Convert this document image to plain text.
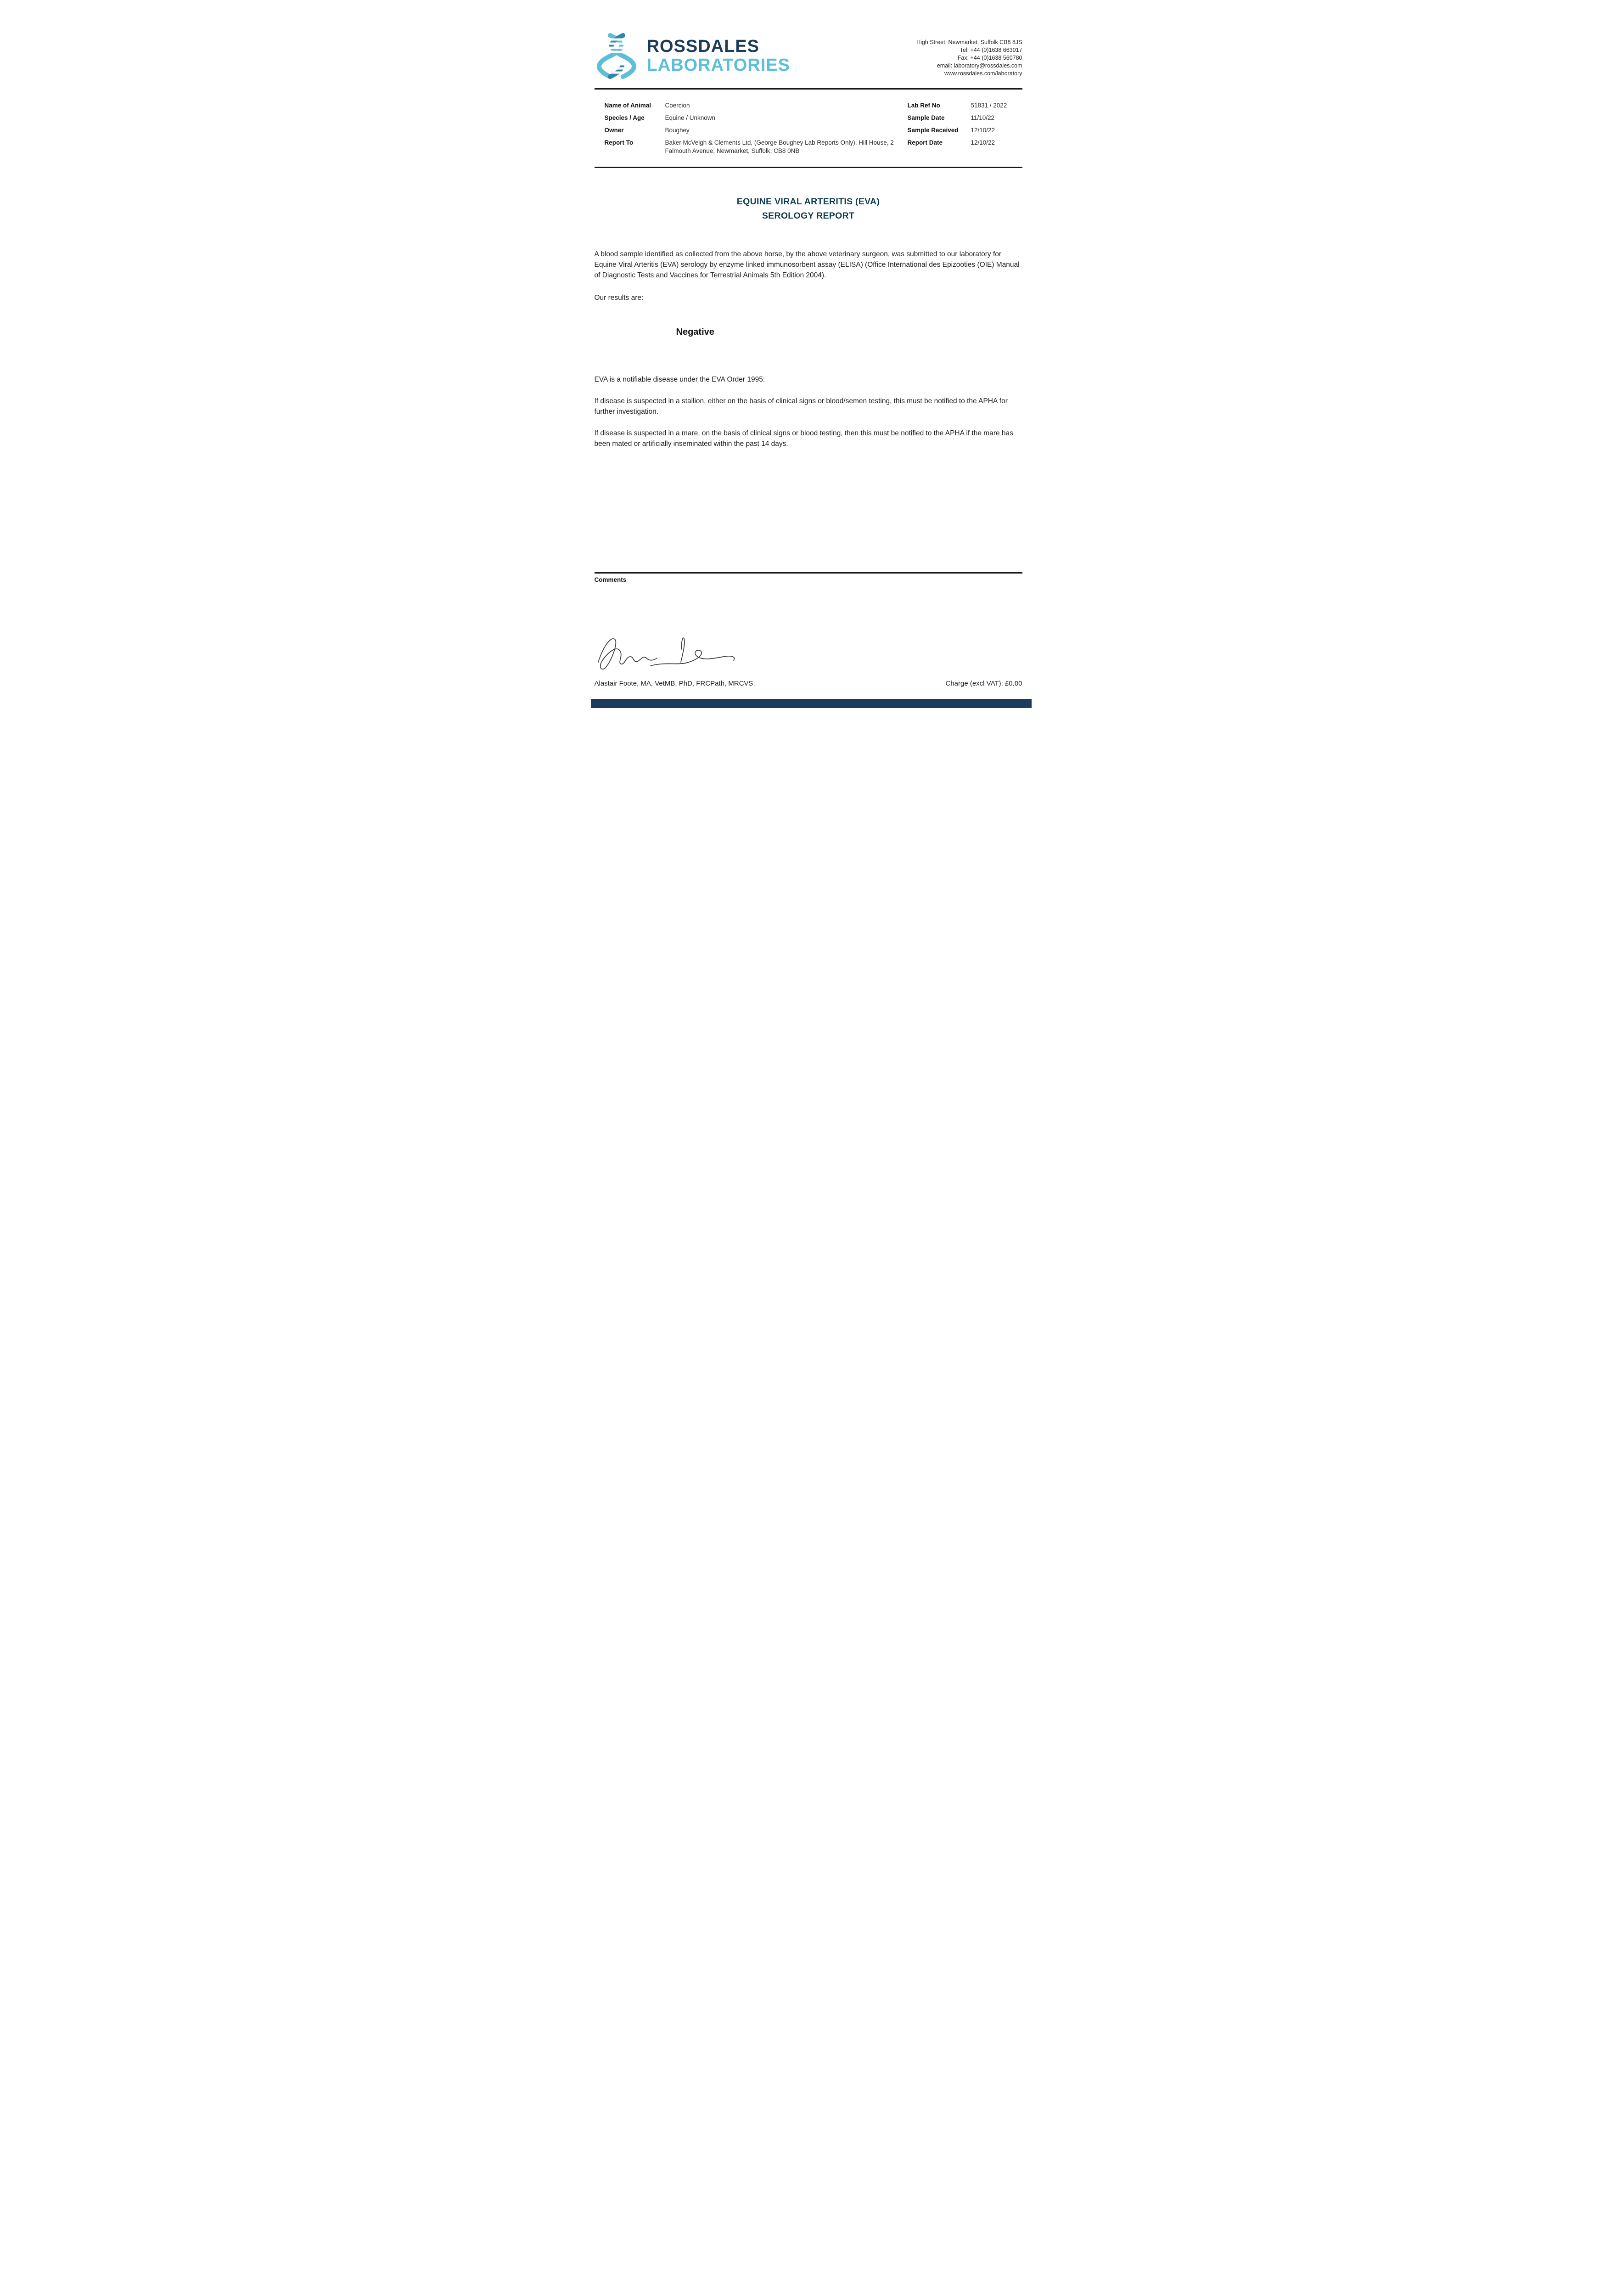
ROSSDALES
LABORATORIES
High Street, Newmarket, Suffolk CB8 8JS
Tel: +44 (0)1638 663017
Fax: +44 (0)1638 560780
email: laboratory@rossdales.com
www.rossdales.com/laboratory
Name of Animal	Coercion
Species / Age	Equine / Unknown
Owner	Boughey
Report To	Baker McVeigh & Clements Ltd, (George Boughey Lab Reports Only), Hill House, 2 Falmouth Avenue, Newmarket, Suffolk, CB8 0NB
Lab Ref No	51831 / 2022
Sample Date	11/10/22
Sample Received	12/10/22
Report Date	12/10/22
EQUINE VIRAL ARTERITIS (EVA)
SEROLOGY REPORT

A blood sample identified as collected from the above horse, by the above veterinary surgeon, was submitted to our laboratory for Equine Viral Arteritis (EVA) serology by enzyme linked immunosorbent assay (ELISA) (Office International des Epizooties (OIE) Manual of Diagnostic Tests and Vaccines for Terrestrial Animals 5th Edition 2004).

Our results are:

Negative

EVA is a notifiable disease under the EVA Order 1995:

If disease is suspected in a stallion, either on the basis of clinical signs or blood/semen testing, this must be notified to the APHA for further investigation.

If disease is suspected in a mare, on the basis of clinical signs or blood testing, then this must be notified to the APHA if the mare has been mated or artificially inseminated within the past 14 days.

Comments
Alastair Foote, MA, VetMB, PhD, FRCPath, MRCVS.	Charge (excl VAT): £0.00
